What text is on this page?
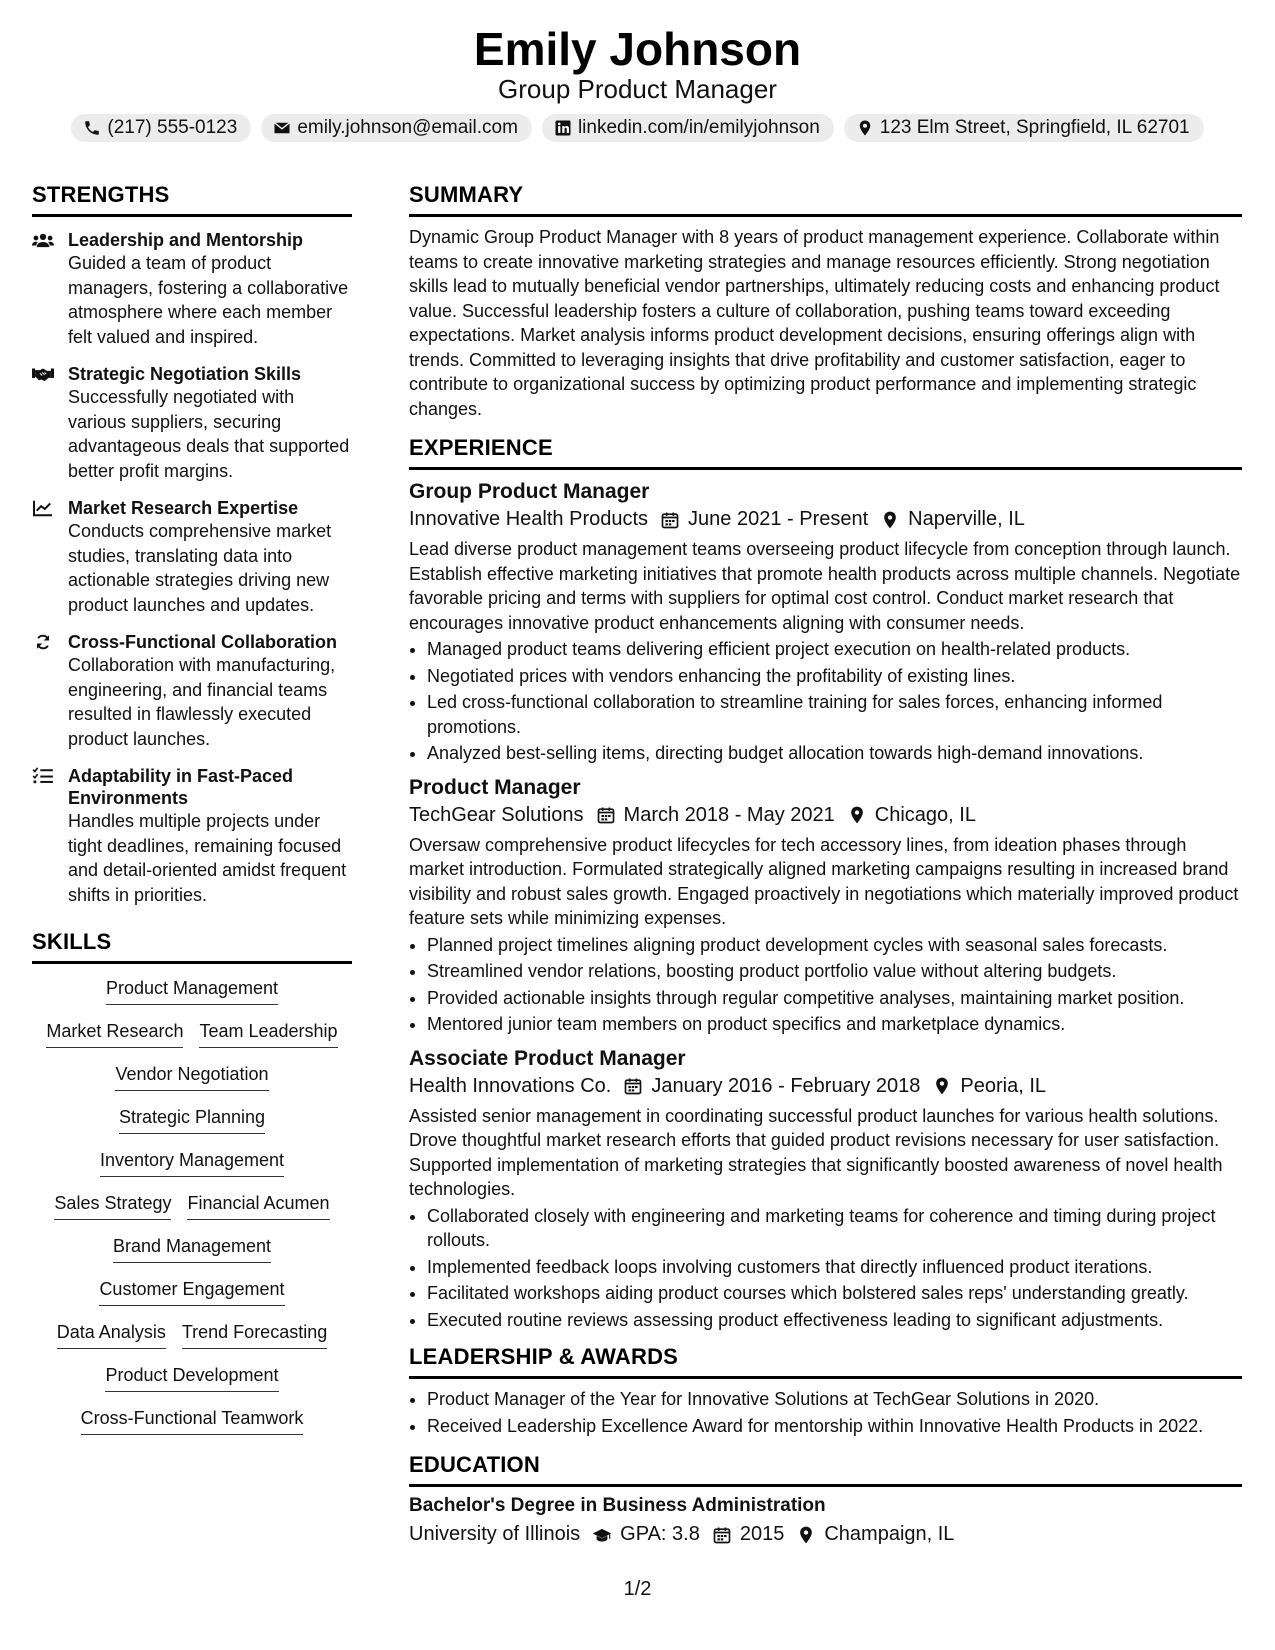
Emily Johnson
Group Product Manager
(217) 555-0123	emily.johnson@email.com	linkedin.com/in/emilyjohnson	123 Elm Street, Springfield, IL 62701
STRENGTHS
Leadership and Mentorship
Guided a team of product managers, fostering a collaborative atmosphere where each member felt valued and inspired.
Strategic Negotiation Skills
Successfully negotiated with various suppliers, securing advantageous deals that supported better profit margins.
Market Research Expertise
Conducts comprehensive market studies, translating data into actionable strategies driving new product launches and updates.
Cross-Functional Collaboration
Collaboration with manufacturing, engineering, and financial teams resulted in flawlessly executed product launches.
Adaptability in Fast-Paced Environments
Handles multiple projects under tight deadlines, remaining focused and detail-oriented amidst frequent shifts in priorities.
SKILLS
Product Management
Market Research Team Leadership
Vendor Negotiation
Strategic Planning
Inventory Management
Sales Strategy Financial Acumen
Brand Management
Customer Engagement
Data Analysis Trend Forecasting
Product Development
Cross-Functional Teamwork
SUMMARY

Dynamic Group Product Manager with 8 years of product management experience. Collaborate within teams to create innovative marketing strategies and manage resources efficiently. Strong negotiation skills lead to mutually beneficial vendor partnerships, ultimately reducing costs and enhancing product value. Successful leadership fosters a culture of collaboration, pushing teams toward exceeding expectations. Market analysis informs product development decisions, ensuring offerings align with trends. Committed to leveraging insights that drive profitability and customer satisfaction, eager to contribute to organizational success by optimizing product performance and implementing strategic changes.

EXPERIENCE
Group Product Manager
Innovative Health Products June 2021 - Present Naperville, IL

Lead diverse product management teams overseeing product lifecycle from conception through launch. Establish effective marketing initiatives that promote health products across multiple channels. Negotiate favorable pricing and terms with suppliers for optimal cost control. Conduct market research that encourages innovative product enhancements aligning with consumer needs.

• Managed product teams delivering efficient project execution on health-related products.
• Negotiated prices with vendors enhancing the profitability of existing lines.
• Led cross-functional collaboration to streamline training for sales forces, enhancing informed promotions.
• Analyzed best-selling items, directing budget allocation towards high-demand innovations.
Product Manager
TechGear Solutions March 2018 - May 2021 Chicago, IL

Oversaw comprehensive product lifecycles for tech accessory lines, from ideation phases through market introduction. Formulated strategically aligned marketing campaigns resulting in increased brand visibility and robust sales growth. Engaged proactively in negotiations which materially improved product feature sets while minimizing expenses.

• Planned project timelines aligning product development cycles with seasonal sales forecasts.
• Streamlined vendor relations, boosting product portfolio value without altering budgets.
• Provided actionable insights through regular competitive analyses, maintaining market position.
• Mentored junior team members on product specifics and marketplace dynamics.
Associate Product Manager
Health Innovations Co. January 2016 - February 2018 Peoria, IL

Assisted senior management in coordinating successful product launches for various health solutions. Drove thoughtful market research efforts that guided product revisions necessary for user satisfaction. Supported implementation of marketing strategies that significantly boosted awareness of novel health technologies.

• Collaborated closely with engineering and marketing teams for coherence and timing during project rollouts.
• Implemented feedback loops involving customers that directly influenced product iterations.
• Facilitated workshops aiding product courses which bolstered sales reps' understanding greatly.
• Executed routine reviews assessing product effectiveness leading to significant adjustments.
LEADERSHIP & AWARDS
• Product Manager of the Year for Innovative Solutions at TechGear Solutions in 2020.
• Received Leadership Excellence Award for mentorship within Innovative Health Products in 2022.
EDUCATION
Bachelor's Degree in Business Administration
University of Illinois GPA: 3.8 2015 Champaign, IL
1/2
